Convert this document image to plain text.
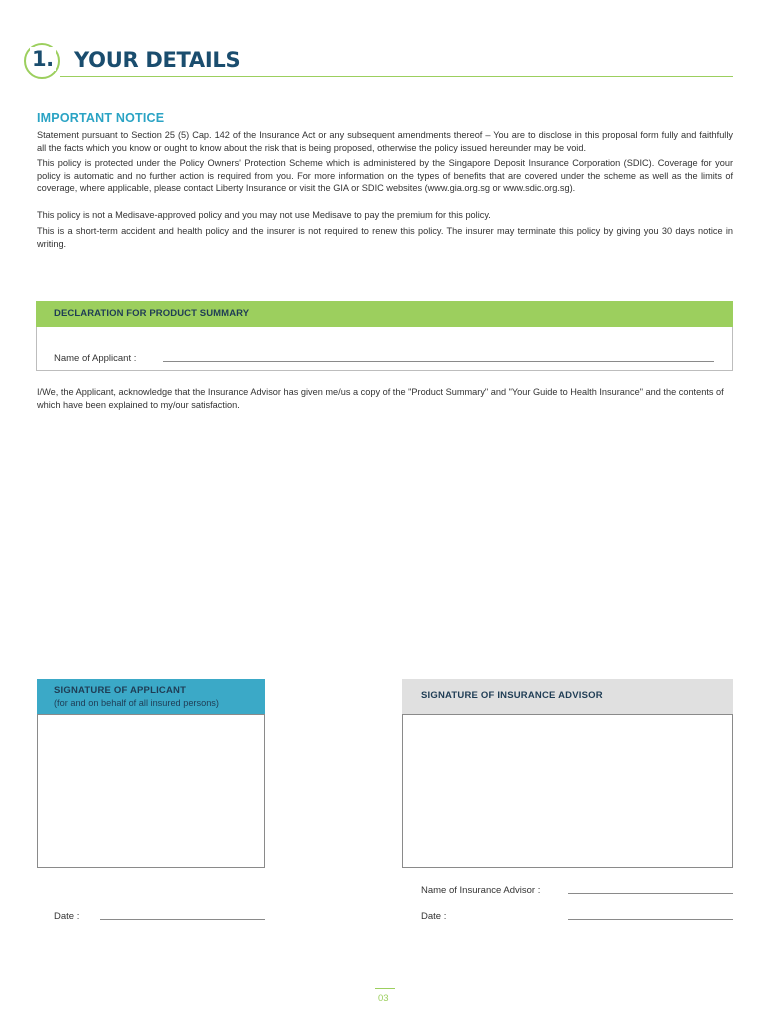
1. YOUR DETAILS
IMPORTANT NOTICE
Statement pursuant to Section 25 (5) Cap. 142 of the Insurance Act or any subsequent amendments thereof – You are to disclose in this proposal form fully and faithfully all the facts which you know or ought to know about the risk that is being proposed, otherwise the policy issued hereunder may be void.
This policy is protected under the Policy Owners' Protection Scheme which is administered by the Singapore Deposit Insurance Corporation (SDIC). Coverage for your policy is automatic and no further action is required from you. For more information on the types of benefits that are covered under the scheme as well as the limits of coverage, where applicable, please contact Liberty Insurance or visit the GIA or SDIC websites (www.gia.org.sg or www.sdic.org.sg).
This policy is not a Medisave-approved policy and you may not use Medisave to pay the premium for this policy.
This is a short-term accident and health policy and the insurer is not required to renew this policy. The insurer may terminate this policy by giving you 30 days notice in writing.
DECLARATION FOR PRODUCT SUMMARY
Name of Applicant :
I/We, the Applicant, acknowledge that the Insurance Advisor has given me/us a copy of the "Product Summary" and "Your Guide to Health Insurance" and the contents of which have been explained to my/our satisfaction.
SIGNATURE OF APPLICANT
(for and on behalf of all insured persons)
Date :
SIGNATURE OF INSURANCE ADVISOR
Name of Insurance Advisor :
Date :
03
